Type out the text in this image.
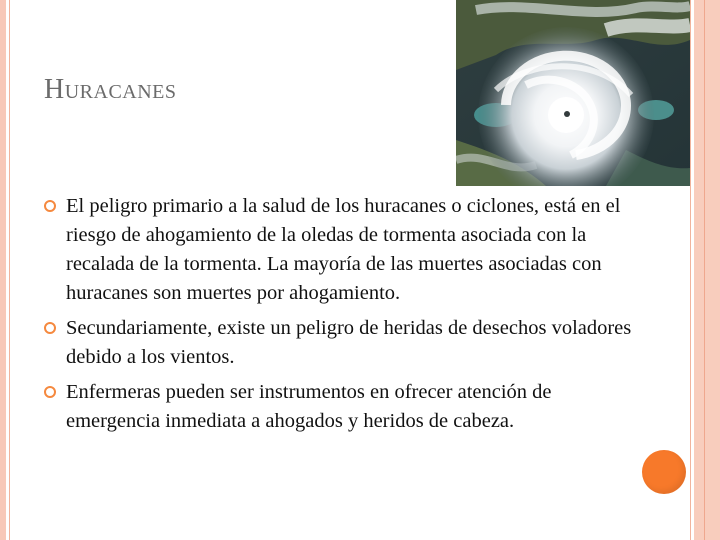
Huracanes
El peligro primario a la salud de los huracanes o ciclones, está en el riesgo de ahogamiento de la oledas de tormenta asociada con la recalada de la tormenta. La mayoría de las muertes asociadas con huracanes son muertes por ahogamiento.
Secundariamente, existe un peligro de heridas de desechos voladores debido a los vientos.
Enfermeras pueden ser instrumentos en ofrecer atención de emergencia inmediata a ahogados y heridos de cabeza.
